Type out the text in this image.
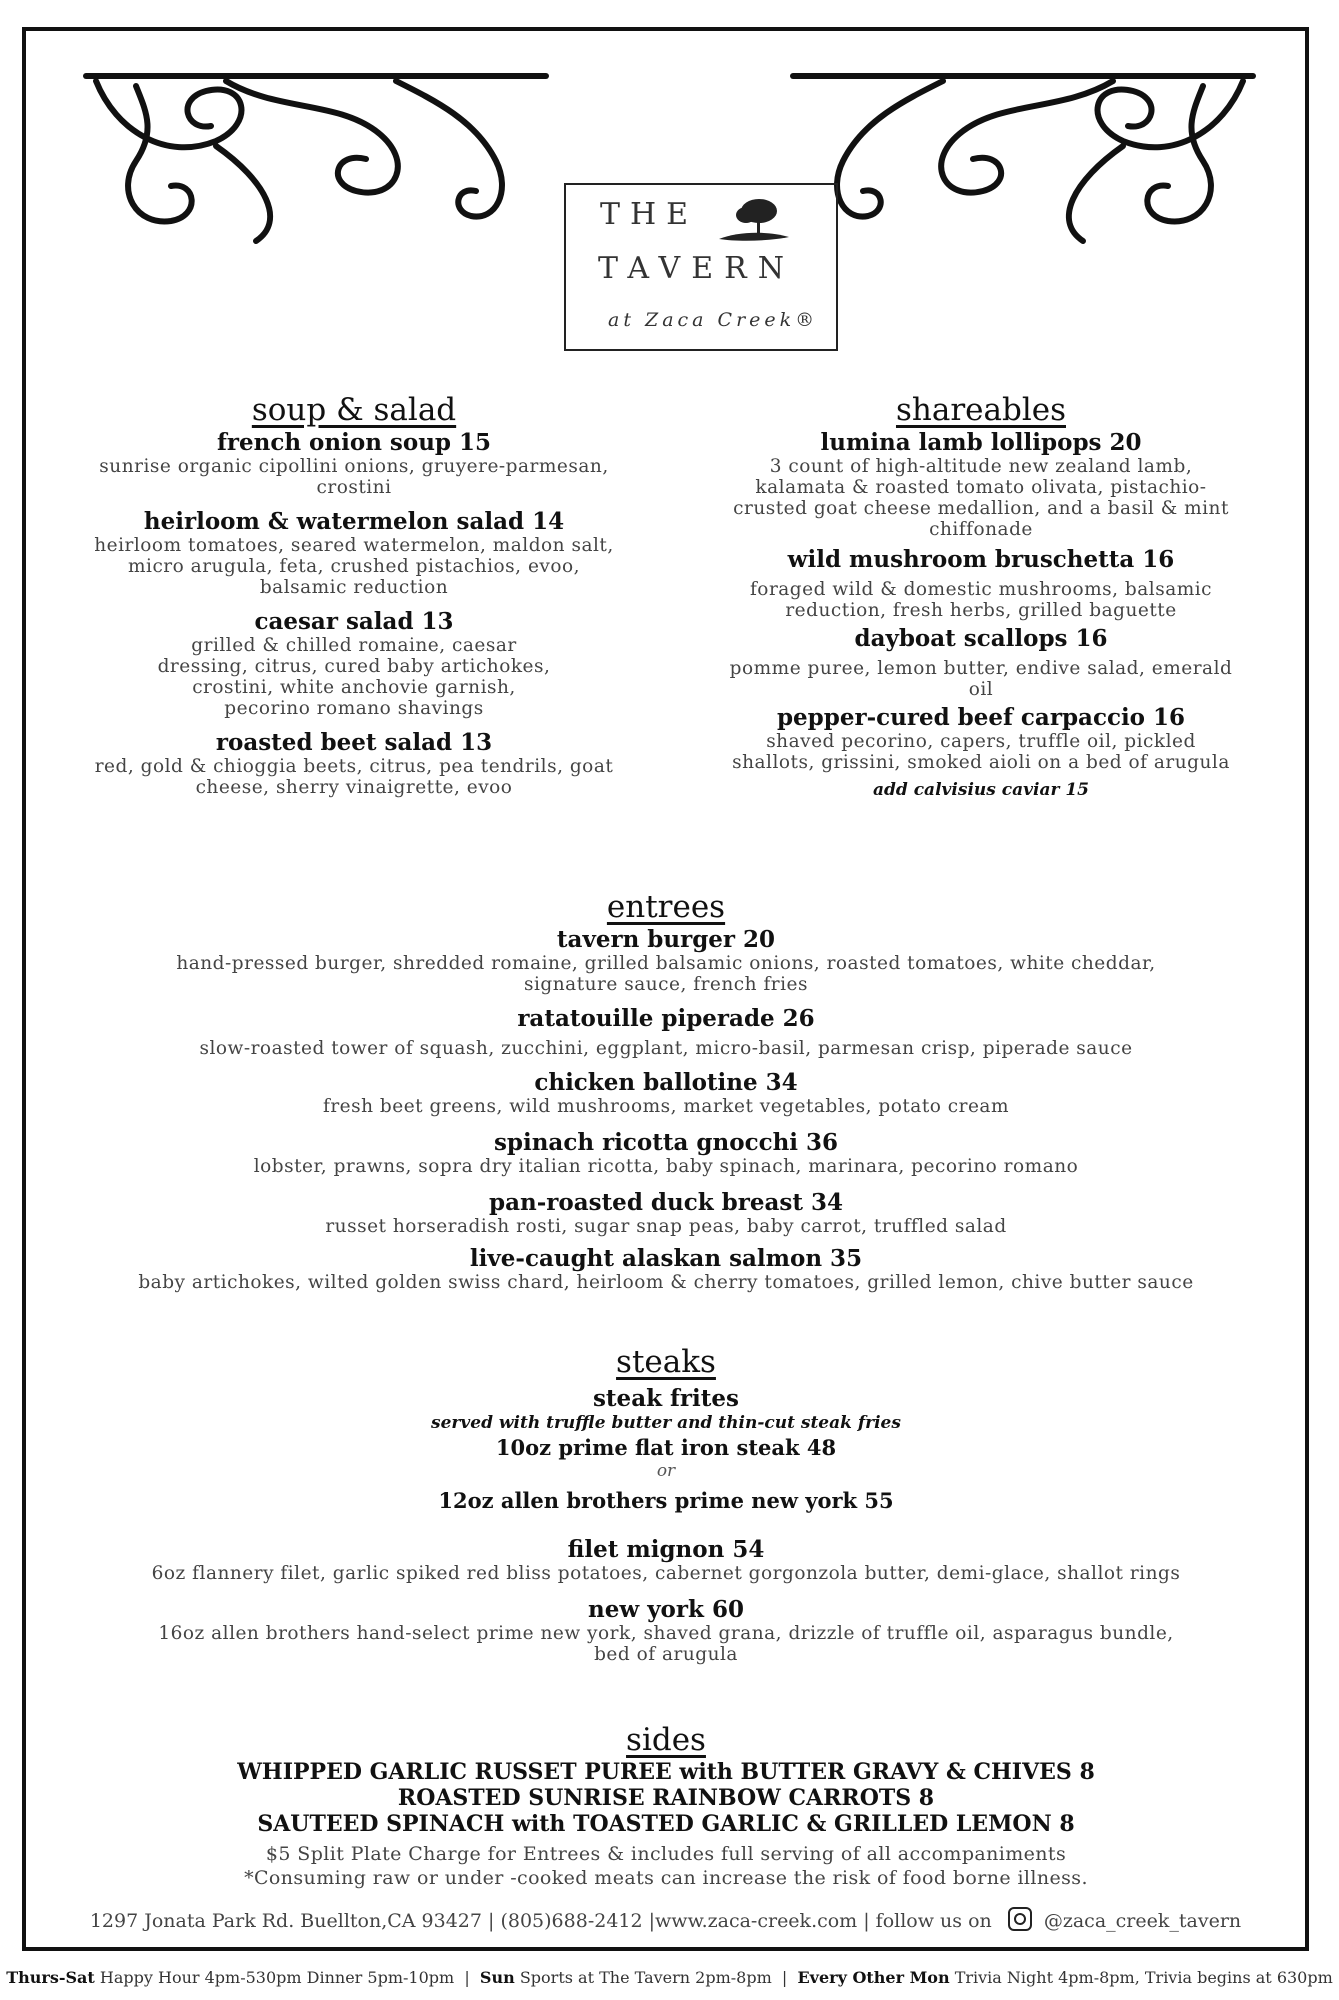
THE
TAVERN
at Zaca Creek®
soup & salad
french onion soup 15
sunrise organic cipollini onions, gruyere-parmesan,
crostini
heirloom & watermelon salad 14
heirloom tomatoes, seared watermelon, maldon salt,
micro arugula, feta, crushed pistachios, evoo,
balsamic reduction
caesar salad 13
grilled & chilled romaine, caesar
dressing, citrus, cured baby artichokes,
crostini, white anchovie garnish,
pecorino romano shavings
roasted beet salad 13
red, gold & chioggia beets, citrus, pea tendrils, goat
cheese, sherry vinaigrette, evoo
shareables
lumina lamb lollipops 20
3 count of high-altitude new zealand lamb,
kalamata & roasted tomato olivata, pistachio-
crusted goat cheese medallion, and a basil & mint
chiffonade
wild mushroom bruschetta 16
foraged wild & domestic mushrooms, balsamic
reduction, fresh herbs, grilled baguette
dayboat scallops 16
pomme puree, lemon butter, endive salad, emerald
oil
pepper-cured beef carpaccio 16
shaved pecorino, capers, truffle oil, pickled
shallots, grissini, smoked aioli on a bed of arugula
add calvisius caviar 15
entrees
tavern burger 20
hand-pressed burger, shredded romaine, grilled balsamic onions, roasted tomatoes, white cheddar,
signature sauce, french fries
ratatouille piperade 26
slow-roasted tower of squash, zucchini, eggplant, micro-basil, parmesan crisp, piperade sauce
chicken ballotine 34
fresh beet greens, wild mushrooms, market vegetables, potato cream
spinach ricotta gnocchi 36
lobster, prawns, sopra dry italian ricotta, baby spinach, marinara, pecorino romano
pan-roasted duck breast 34
russet horseradish rosti, sugar snap peas, baby carrot, truffled salad
live-caught alaskan salmon 35
baby artichokes, wilted golden swiss chard, heirloom & cherry tomatoes, grilled lemon, chive butter sauce
steaks
steak frites
served with truffle butter and thin-cut steak fries
10oz prime flat iron steak 48
or
12oz allen brothers prime new york 55
filet mignon 54
6oz flannery filet, garlic spiked red bliss potatoes, cabernet gorgonzola butter, demi-glace, shallot rings
new york 60
16oz allen brothers hand-select prime new york, shaved grana, drizzle of truffle oil, asparagus bundle,
bed of arugula
sides
WHIPPED GARLIC RUSSET PUREE with BUTTER GRAVY & CHIVES 8
ROASTED SUNRISE RAINBOW CARROTS 8
SAUTEED SPINACH with TOASTED GARLIC & GRILLED LEMON 8
$5 Split Plate Charge for Entrees & includes full serving of all accompaniments
*Consuming raw or under -cooked meats can increase the risk of food borne illness.
1297 Jonata Park Rd. Buellton,CA 93427 | (805)688-2412 |www.zaca-creek.com | follow us on	@zaca_creek_tavern
Thurs-Sat Happy Hour 4pm-530pm Dinner 5pm-10pm  |  Sun Sports at The Tavern 2pm-8pm  |  Every Other Mon Trivia Night 4pm-8pm, Trivia begins at 630pm
